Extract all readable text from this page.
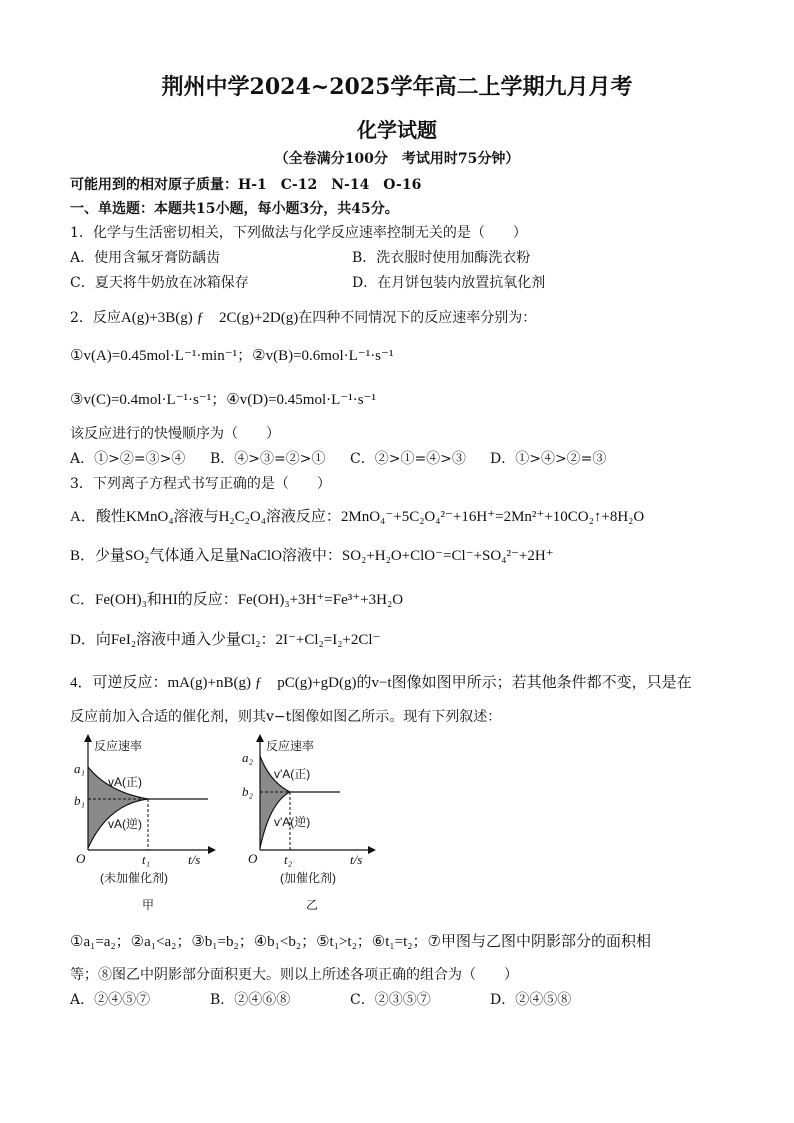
荆州中学2024~2025学年高二上学期九月月考
化学试题
（全卷满分100分　考试用时75分钟）
可能用到的相对原子质量：H-1　C-12　N-14　O-16
一、单选题：本题共15小题，每小题3分，共45分。
1．化学与生活密切相关，下列做法与化学反应速率控制无关的是（　　）
A．使用含氟牙膏防龋齿	B．洗衣服时使用加酶洗衣粉
C．夏天将牛奶放在冰箱保存	D．在月饼包装内放置抗氧化剂
2．反应A(g)+3B(g) ƒ　2C(g)+2D(g)在四种不同情况下的反应速率分别为：
①v(A)=0.45mol·L⁻¹·min⁻¹；②v(B)=0.6mol·L⁻¹·s⁻¹
③v(C)=0.4mol·L⁻¹·s⁻¹；④v(D)=0.45mol·L⁻¹·s⁻¹
该反应进行的快慢顺序为（　　）
A．①>②=③>④ B．④>③=②>① C．②>①=④>③ D．①>④>②=③
3．下列离子方程式书写正确的是（　　）
A．酸性KMnO₄溶液与H₂C₂O₄溶液反应：2MnO₄⁻+5C₂O₄²⁻+16H⁺=2Mn²⁺+10CO₂↑+8H₂O
B．少量SO₂气体通入足量NaClO溶液中：SO₂+H₂O+ClO⁻=Cl⁻+SO₄²⁻+2H⁺
C．Fe(OH)₃和HI的反应：Fe(OH)₃+3H⁺=Fe³⁺+3H₂O
D．向FeI₂溶液中通入少量Cl₂：2I⁻+Cl₂=I₂+2Cl⁻
4．可逆反应：mA(g)+nB(g) ƒ　pC(g)+gD(g)的v−t图像如图甲所示；若其他条件都不变，只是在
反应前加入合适的催化剂，则其v−t图像如图乙所示。现有下列叙述：
反应速率
a₁
b₁
O	t₁	t/s
vA(正)
vA(逆)
(未加催化剂)
甲
反应速率
a₂
b₂
O t₂	t/s
v'A(正)
v'A(逆)
(加催化剂)
乙
①a₁=a₂；②a₁<a₂；③b₁=b₂；④b₁<b₂；⑤t₁>t₂；⑥t₁=t₂；⑦甲图与乙图中阴影部分的面积相
等；⑧图乙中阴影部分面积更大。则以上所述各项正确的组合为（　　）
A．②④⑤⑦	B．②④⑥⑧	C．②③⑤⑦	D．②④⑤⑧
